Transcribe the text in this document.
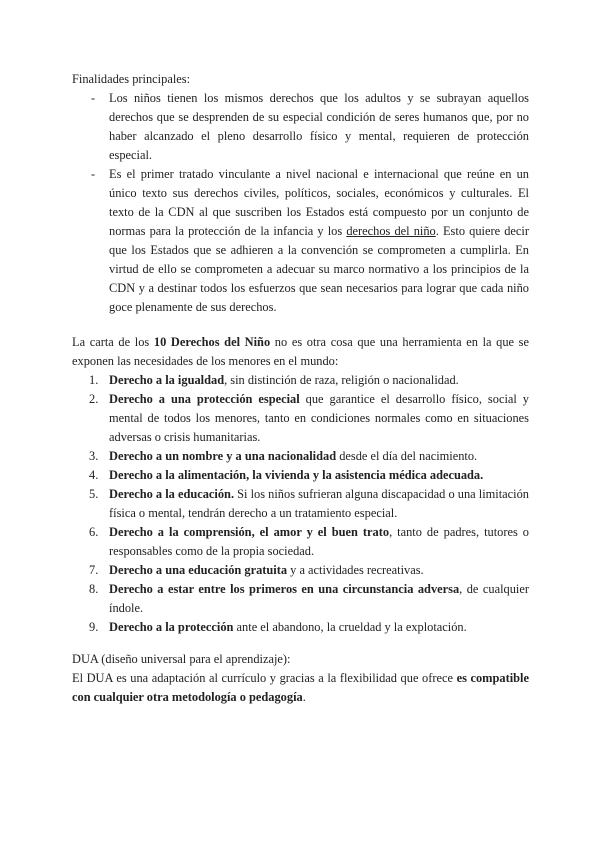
Finalidades principales:
- Los niños tienen los mismos derechos que los adultos y se subrayan aquellos derechos que se desprenden de su especial condición de seres humanos que, por no haber alcanzado el pleno desarrollo físico y mental, requieren de protección especial.
- Es el primer tratado vinculante a nivel nacional e internacional que reúne en un único texto sus derechos civiles, políticos, sociales, económicos y culturales. El texto de la CDN al que suscriben los Estados está compuesto por un conjunto de normas para la protección de la infancia y los derechos del niño. Esto quiere decir que los Estados que se adhieren a la convención se comprometen a cumplirla. En virtud de ello se comprometen a adecuar su marco normativo a los principios de la CDN y a destinar todos los esfuerzos que sean necesarios para lograr que cada niño goce plenamente de sus derechos.
La carta de los 10 Derechos del Niño no es otra cosa que una herramienta en la que se exponen las necesidades de los menores en el mundo:
1. Derecho a la igualdad, sin distinción de raza, religión o nacionalidad.
2. Derecho a una protección especial que garantice el desarrollo físico, social y mental de todos los menores, tanto en condiciones normales como en situaciones adversas o crisis humanitarias.
3. Derecho a un nombre y a una nacionalidad desde el día del nacimiento.
4. Derecho a la alimentación, la vivienda y la asistencia médica adecuada.
5. Derecho a la educación. Si los niños sufrieran alguna discapacidad o una limitación física o mental, tendrán derecho a un tratamiento especial.
6. Derecho a la comprensión, el amor y el buen trato, tanto de padres, tutores o responsables como de la propia sociedad.
7. Derecho a una educación gratuita y a actividades recreativas.
8. Derecho a estar entre los primeros en una circunstancia adversa, de cualquier índole.
9. Derecho a la protección ante el abandono, la crueldad y la explotación.
DUA (diseño universal para el aprendizaje):
El DUA es una adaptación al currículo y gracias a la flexibilidad que ofrece es compatible con cualquier otra metodología o pedagogía.
